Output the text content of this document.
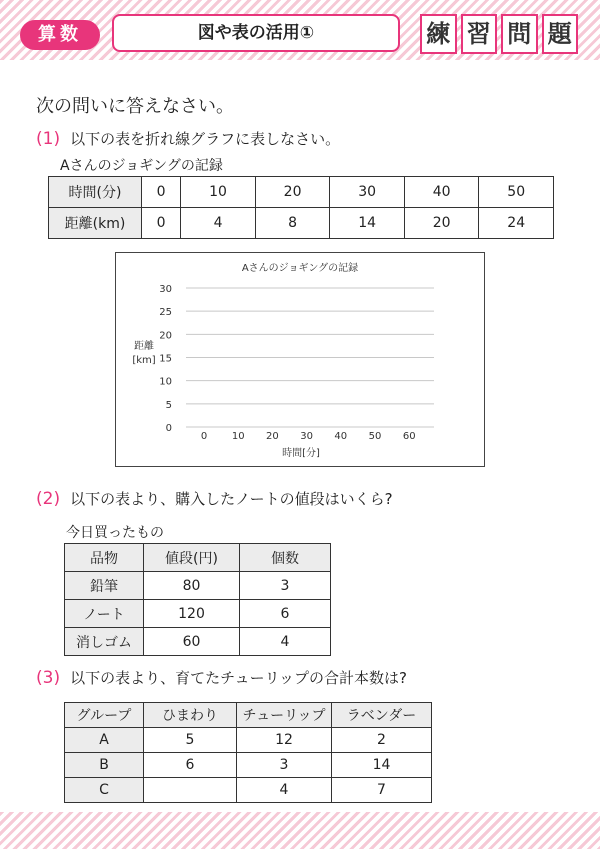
算数	図や表の活用①	練 習 問 題
次の問いに答えなさい。
(1) 以下の表を折れ線グラフに表しなさい。
Aさんのジョギングの記録
時間(分)	0	10	20	30	40	50
距離(km)	0	4	8	14	20	24
Aさんのジョギングの記録
0
5
10
15
20
25
30
0 10 20 30 40 50 60
距離
[km]
時間[分]
(2) 以下の表より、購入したノートの値段はいくら?
今日買ったもの
品物	値段(円)	個数
鉛筆	80	3
ノート	120	6
消しゴム	60	4
(3) 以下の表より、育てたチューリップの合計本数は?
グループ	ひまわり	チューリップ	ラベンダー
A	5	12	2
B	6	3	14
C		4	7
